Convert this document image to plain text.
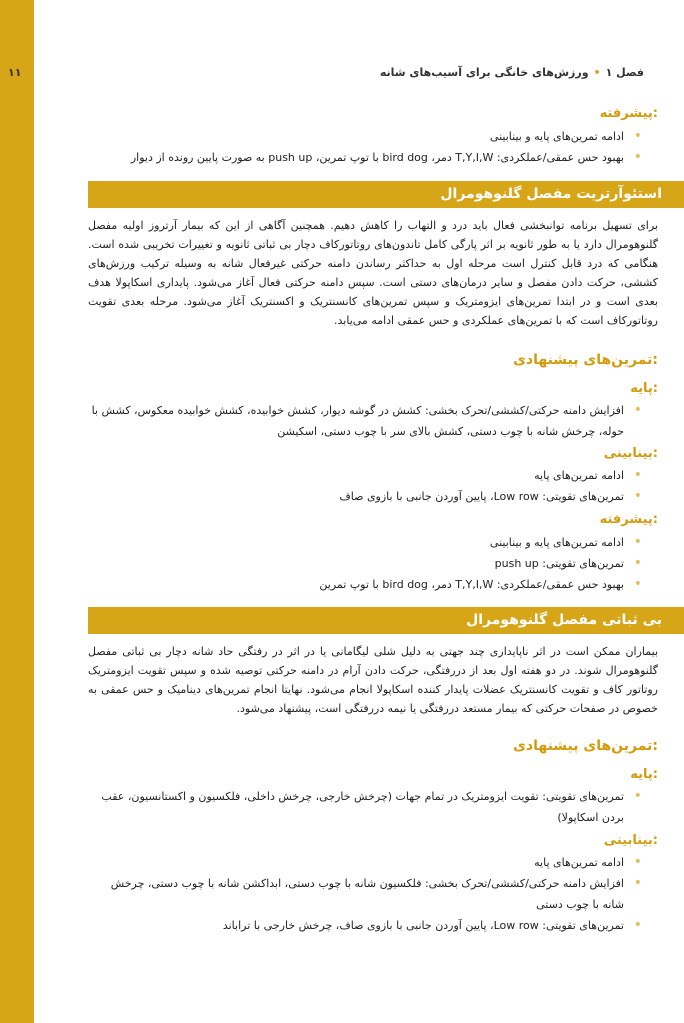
فصل ۱•ورزش‌های خانگی برای آسیب‌های شانه
۱۱
پیشرفته:
• ادامه تمرین‌های پایه و بینابینی
• بهبود حس عمقی/عملکردی: T,Y,I,W دمر، bird dog با توپ تمرین، push up به صورت پایین رونده از دیوار
استئوآرتریت مفصل گلنوهومرال
برای تسهیل برنامه توانبخشی فعال باید درد و التهاب را کاهش دهیم. همچنین آگاهی از این که بیمار آرتروز اولیه مفصل گلنوهومرال دارد یا به طور ثانویه بر اثر پارگی کامل تاندون‌های روتاتورکاف دچار بی ثباتی ثانویه و تغییرات تخریبی شده است. هنگامی که درد قابل کنترل است مرحله اول به حداکثر رساندن دامنه حرکتی غیرفعال شانه به وسیله ترکیب ورزش‌های کششی، حرکت دادن مفصل و سایر درمان‌های دستی است. سپس دامنه حرکتی فعال آغاز می‌شود. پایداری اسکاپولا هدف بعدی است و در ابتدا تمرین‌های ایزومتریک و سپس تمرین‌های کانسنتریک و اکسنتریک آغاز می‌شود. مرحله بعدی تقویت روتاتورکاف است که با تمرین‌های عملکردی و حس عمقی ادامه می‌یابد.
تمرین‌های پیشنهادی:
پایه:
• افزایش دامنه حرکتی/کششی/تحرک بخشی: کشش در گوشه دیوار، کشش خوابیده، کشش خوابیده معکوس، کشش با حوله، چرخش شانه با چوب دستی، کشش بالای سر با چوب دستی، اسکیشن
بینابینی:
• ادامه تمرین‌های پایه
• تمرین‌های تقویتی: Low row، پایین آوردن جانبی با بازوی صاف
پیشرفته:
• ادامه تمرین‌های پایه و بینابینی
• تمرین‌های تقویتی: push up
• بهبود حس عمقی/عملکردی: T,Y,I,W دمر، bird dog با توپ تمرین
بی ثباتی مفصل گلنوهومرال
بیماران ممکن است در اثر ناپایداری چند جهتی به دلیل شلی لیگامانی یا در اثر در رفتگی حاد شانه دچار بی ثباتی مفصل گلنوهومرال شوند. در دو هفته اول بعد از دررفتگی، حرکت دادن آرام در دامنه حرکتی توصیه شده و سپس تقویت ایزومتریک روتاتور کاف و تقویت کانسنتریک عضلات پایدار کننده اسکاپولا انجام می‌شود. نهایتا انجام تمرین‌های دینامیک و حس عمقی به خصوص در صفحات حرکتی که بیمار مستعد دررفتگی یا نیمه دررفتگی است، پیشنهاد می‌شود.
تمرین‌های پیشنهادی:
پایه:
• تمرین‌های تقویتی: تقویت ایزومتریک در تمام جهات (چرخش خارجی، چرخش داخلی، فلکسیون و اکستانسیون، عقب بردن اسکاپولا)
بینابینی:
• ادامه تمرین‌های پایه
• افزایش دامنه حرکتی/کششی/تحرک بخشی: فلکسیون شانه با چوب دستی، ابداکشن شانه با چوب دستی، چرخش شانه با چوب دستی
• تمرین‌های تقویتی: Low row، پایین آوردن جانبی با بازوی صاف، چرخش خارجی با تراباند
